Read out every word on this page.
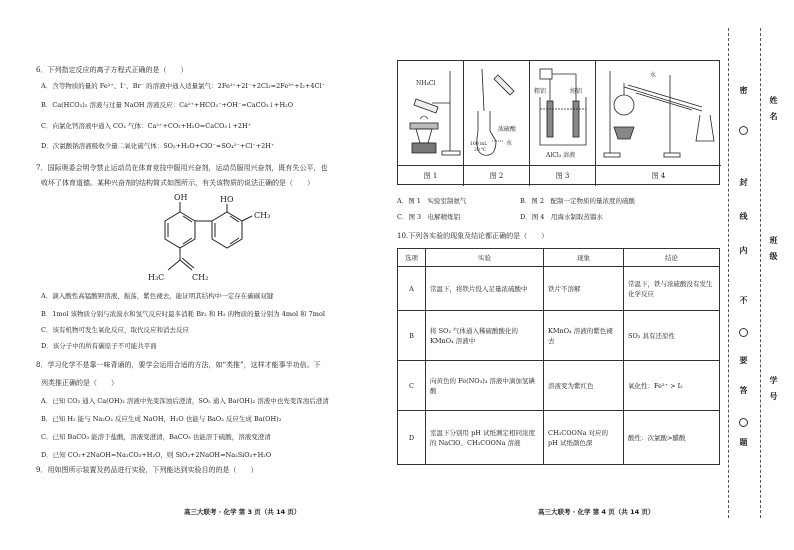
6．下列指定反应的离子方程式正确的是（　　）
A．含等物质的量的 Fe²⁺、I⁻、Br⁻ 的溶液中通入适量氯气：2Fe²⁺+2I⁻+2Cl₂=2Fe³⁺+I₂+4Cl⁻
B．Ca(HCO₃)₂ 溶液与过量 NaOH 溶液反应：Ca²⁺+HCO₃⁻+OH⁻=CaCO₃↓+H₂O
C．向氯化钙溶液中通入 CO₂ 气体：Ca²⁺+CO₂+H₂O=CaCO₃↓+2H⁺
D．次氯酸钠溶液吸收少量二氧化硫气体：SO₂+H₂O+ClO⁻=SO₄²⁻+Cl⁻+2H⁺
7．国际奥委会明令禁止运动员在体育竞技中服用兴奋剂，运动员服用兴奋剂，既有失公平，也
败坏了体育道德。某种兴奋剂的结构简式如图所示，有关该物质的说法正确的是（　　）
OH	HO
CH₃
H₃C	CH₂
A．滴入酸性高锰酸钾溶液，振荡，紫色褪去，能证明其结构中一定存在碳碳双键
B．1mol 该物质分别与浓溴水和氢气反应时最多消耗 Br₂ 和 H₂ 的物质的量分别为 4mol 和 7mol
C．该有机物可发生氧化反应，取代反应和消去反应
D．该分子中的所有碳原子不可能共平面
8．学习化学不是靠一味背诵的，要学会运用合适的方法，如“类推”，这样才能事半功倍。下
列类推正确的是（　　）
A．已知 CO₂ 通入 Ca(OH)₂ 溶液中先变浑浊后澄清，SO₂ 通入 Ba(OH)₂ 溶液中也先变浑浊后澄清
B．已知 H₂ 能与 Na₂O₂ 反应生成 NaOH，H₂O 也能与 BaO₂ 反应生成 Ba(OH)₂
C．已知 BaCO₃ 能溶于盐酸，溶液变澄清，BaCO₃ 也能溶于硫酸，溶液变澄清
D．已知 CO₂+2NaOH=Na₂CO₃+H₂O，则 SiO₂+2NaOH=Na₂SiO₃+H₂O
9．用如图所示装置及药品进行实验，下列能达到实验目的的是（　　）
高三大联考 · 化学 第 3 页（共 14 页）
NH₄Cl
图 1
100 mL
20 ℃
浓硫酸
水
图 2
粗铝	纯铝
AlCl₃ 溶液
图 3
水
图 4
A．图 1　实验室制氨气	B．图 2　配制一定物质的量浓度的硫酸
C．图 3　电解精炼铝	D．图 4　用海水制取蒸馏水
10.下列各实验的现象及结论都正确的是（　　）
选项	实验	现象	结论
A	常温下，将铁片投入足量浓硫酸中	铁片不溶解	常温下，铁与浓硫酸没有发生化学反应
B	将 SO₂ 气体通入稀硫酸酸化的 KMnO₄ 溶液中	KMnO₄ 溶液的紫色褪去	SO₂ 具有还原性
C	向黄色的 Fe(NO₃)₃ 溶液中滴加氢碘酸	溶液变为紫红色	氧化性：Fe³⁺ > I₂
D	室温下分别用 pH 试纸测定相同浓度的 NaClO、CH₃COONa 溶液	CH₃COONa 对应的 pH 试纸颜色深	酸性：次氯酸>醋酸
高三大联考 · 化学 第 4 页（共 14 页）
密
封
线
内
不
要
答
题
姓
名
班
级
学
号
